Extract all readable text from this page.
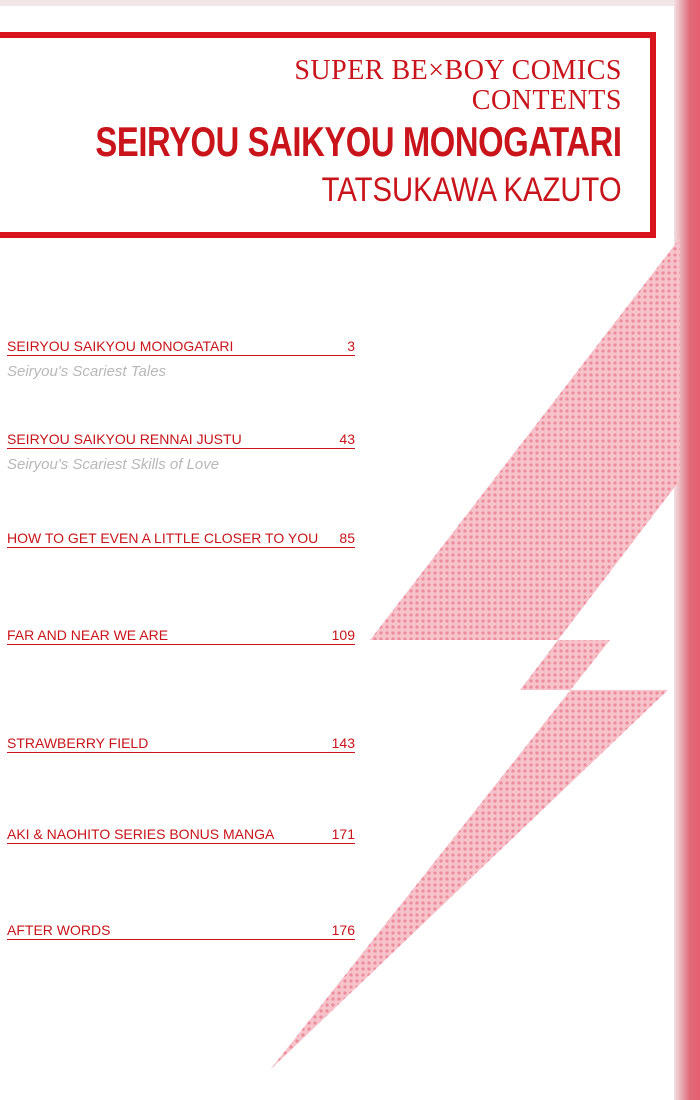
SUPER BE×BOY COMICS
CONTENTS
SEIRYOU SAIKYOU MONOGATARI
TATSUKAWA KAZUTO
SEIRYOU SAIKYOU MONOGATARI	3
Seiryou's Scariest Tales
SEIRYOU SAIKYOU RENNAI JUSTU	43
Seiryou's Scariest Skills of Love
HOW TO GET EVEN A LITTLE CLOSER TO YOU	85
FAR AND NEAR WE ARE	109
STRAWBERRY FIELD	143
AKI & NAOHITO SERIES BONUS MANGA	171
AFTER WORDS	176
